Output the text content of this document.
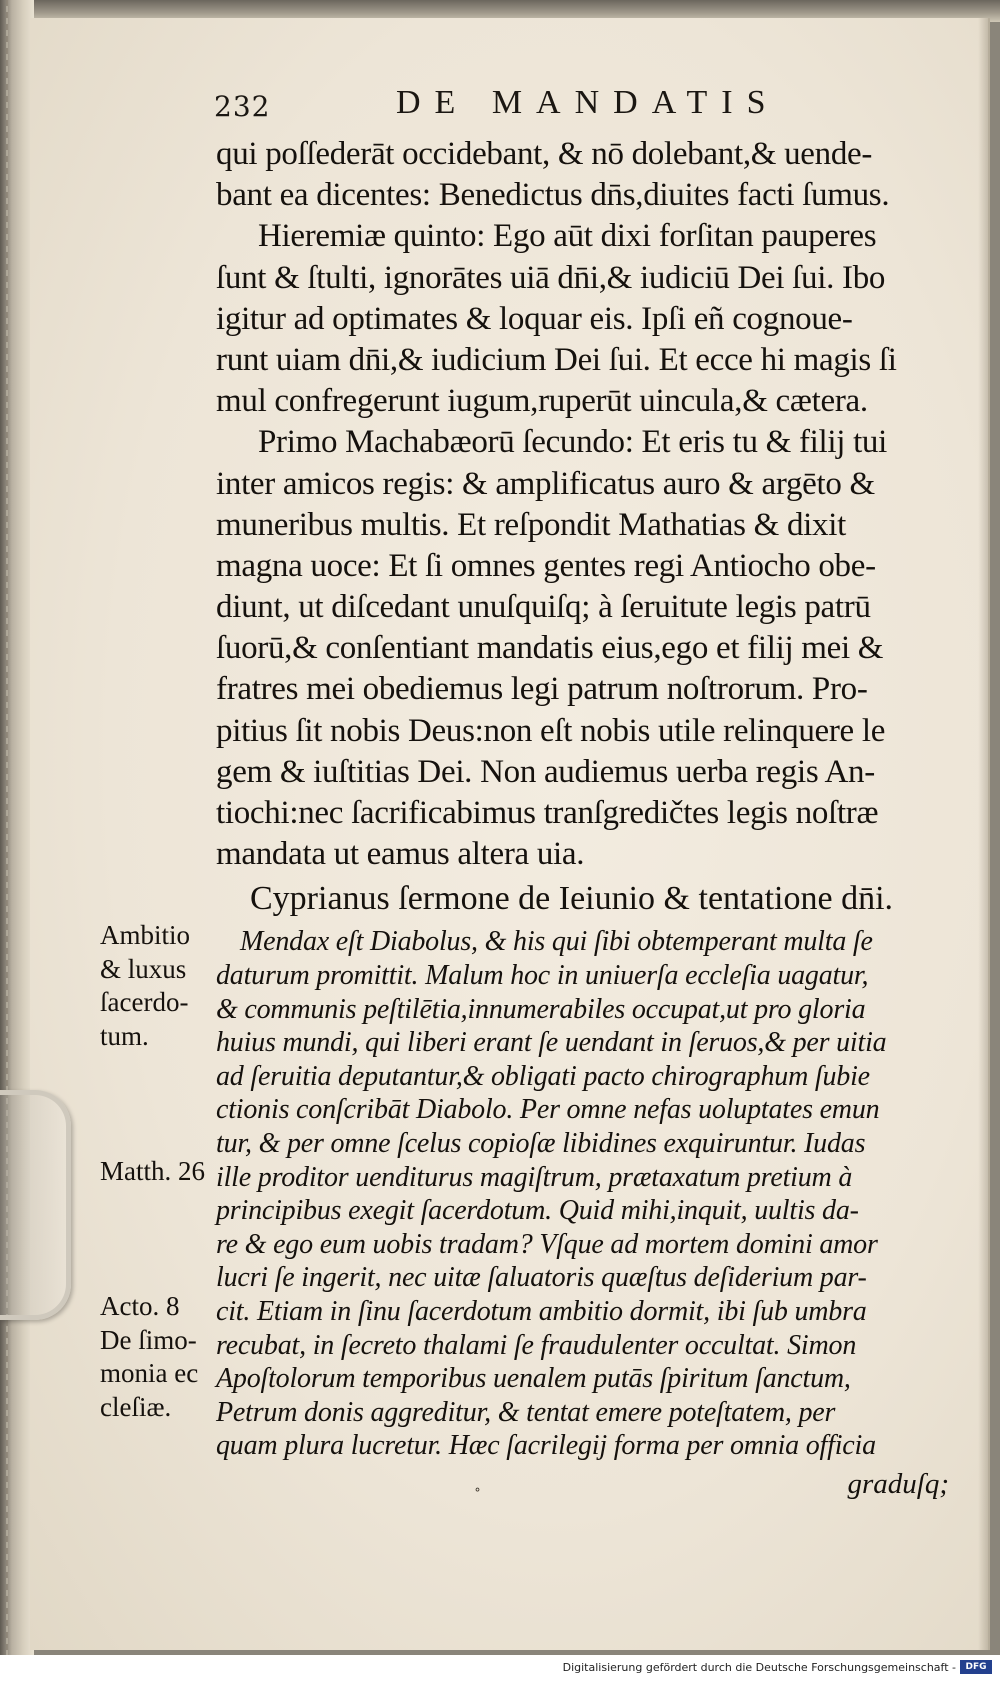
232	DE MANDATIS
qui poſſederāt occidebant, & nō dolebant,& uende-
bant ea dicentes: Benedictus dn̄s,diuites facti ſumus.
Hieremiæ quinto: Ego aūt dixi forſitan pauperes
ſunt & ſtulti, ignorātes uiā dn̄i,& iudiciū Dei ſui. Ibo
igitur ad optimates & loquar eis. Ipſi eñ cognoue-
runt uiam dn̄i,& iudicium Dei ſui. Et ecce hi magis ſi
mul confregerunt iugum,ruperūt uincula,& cætera.
Primo Machabæorū ſecundo: Et eris tu & filij tui
inter amicos regis: & amplificatus auro & argēto &
muneribus multis. Et reſpondit Mathatias & dixit
magna uoce: Et ſi omnes gentes regi Antiocho obe-
diunt, ut diſcedant unuſquiſq; à ſeruitute legis patrū
ſuorū,& conſentiant mandatis eius,ego et filij mei &
fratres mei obediemus legi patrum noſtrorum. Pro-
pitius ſit nobis Deus:non eſt nobis utile relinquere le
gem & iuſtitias Dei. Non audiemus uerba regis An-
tiochi:nec ſacrificabimus tranſgredičtes legis noſtræ
mandata ut eamus altera uia.
Cyprianus ſermone de Ieiunio & tentatione dn̄i.
Mendax eſt Diabolus, & his qui ſibi obtemperant multa ſe
daturum promittit. Malum hoc in uniuerſa eccleſia uagatur,
& communis peſtilētia,innumerabiles occupat,ut pro gloria
huius mundi, qui liberi erant ſe uendant in ſeruos,& per uitia
ad ſeruitia deputantur,& obligati pacto chirographum ſubie
ctionis conſcribāt Diabolo. Per omne nefas uoluptates emun
tur, & per omne ſcelus copioſæ libidines exquiruntur. Iudas
ille proditor uenditurus magiſtrum, prætaxatum pretium à
principibus exegit ſacerdotum. Quid mihi,inquit, uultis da-
re & ego eum uobis tradam? Vſque ad mortem domini amor
lucri ſe ingerit, nec uitæ ſaluatoris quæſtus deſiderium par-
cit. Etiam in ſinu ſacerdotum ambitio dormit, ibi ſub umbra
recubat, in ſecreto thalami ſe fraudulenter occultat. Simon
Apoſtolorum temporibus uenalem putās ſpiritum ſanctum,
Petrum donis aggreditur, & tentat emere poteſtatem, per
quam plura lucretur. Hæc ſacrilegij forma per omnia officia
graduſq;
Ambitio
& luxus
ſacerdo-
tum.
Matth. 26
Acto. 8
De ſimo-
monia ec
cleſiæ.
˚
Digitalisierung gefördert durch die Deutsche Forschungsgemeinschaft -	DFG
